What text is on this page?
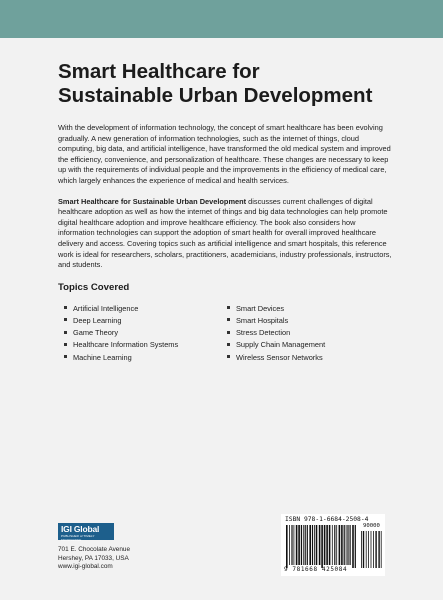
Smart Healthcare for
Sustainable Urban Development

With the development of information technology, the concept of smart healthcare has been evolving gradually. A new generation of information technologies, such as the internet of things, cloud computing, big data, and artificial intelligence, have transformed the old medical system and improved the efficiency, convenience, and personalization of healthcare. These changes are necessary to keep up with the requirements of individual people and the improvements in the efficiency of medical care, which largely enhances the experience of medical and health services.

Smart Healthcare for Sustainable Urban Development discusses current challenges of digital healthcare adoption as well as how the internet of things and big data technologies can help promote digital healthcare adoption and improve healthcare efficiency. The book also considers how information technologies can support the adoption of smart health for overall improved healthcare delivery and access. Covering topics such as artificial intelligence and smart hospitals, this reference work is ideal for researchers, scholars, practitioners, academicians, industry professionals, instructors, and students.

Topics Covered
Artificial Intelligence
Deep Learning
Game Theory
Healthcare Information Systems
Machine Learning
Smart Devices
Smart Hospitals
Stress Detection
Supply Chain Management
Wireless Sensor Networks
IGI Global
PUBLISHER of TIMELY KNOWLEDGE
701 E. Chocolate Avenue
Hershey, PA 17033, USA
www.igi-global.com
ISBN 978-1-6684-2508-4
90000
9 781668 425084
